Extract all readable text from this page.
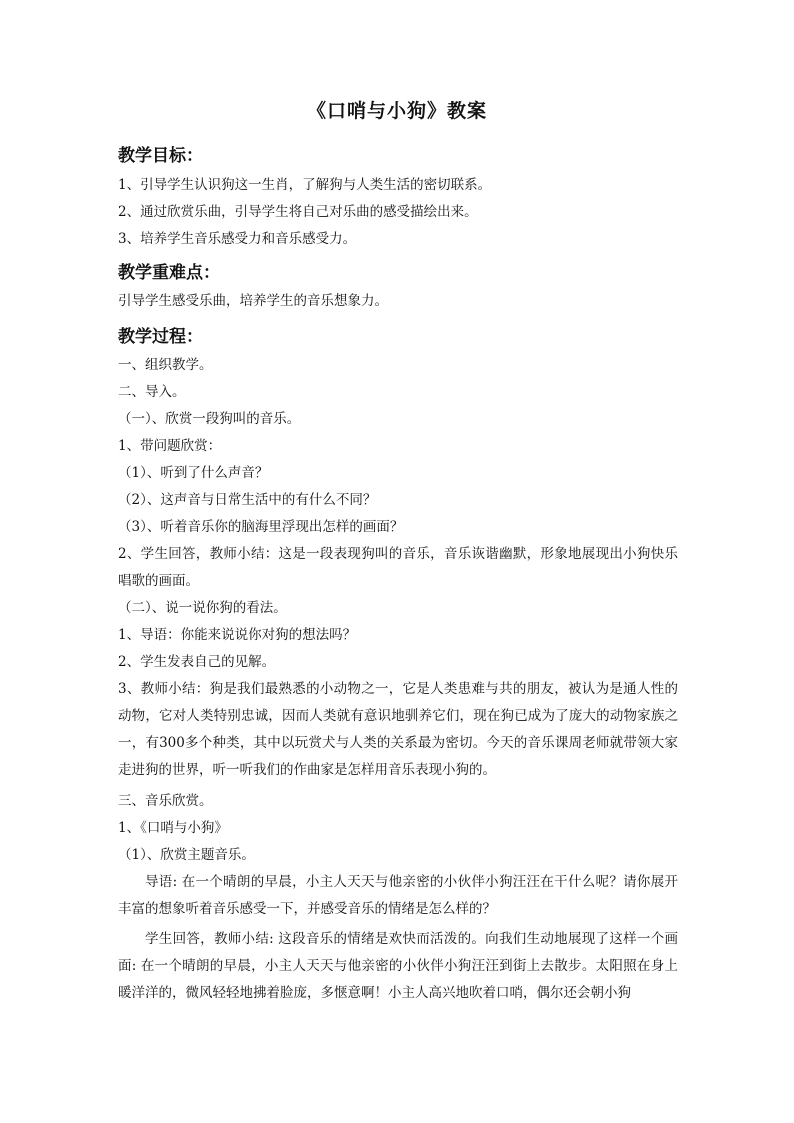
《口哨与小狗》教案
教学目标：
1、引导学生认识狗这一生肖，了解狗与人类生活的密切联系。
2、通过欣赏乐曲，引导学生将自己对乐曲的感受描绘出来。
3、培养学生音乐感受力和音乐感受力。
教学重难点：
引导学生感受乐曲，培养学生的音乐想象力。
教学过程：
一、组织教学。
二、导入。
（一）、欣赏一段狗叫的音乐。
1、带问题欣赏：
（1）、听到了什么声音？
（2）、这声音与日常生活中的有什么不同？
（3）、听着音乐你的脑海里浮现出怎样的画面？
2、学生回答，教师小结：这是一段表现狗叫的音乐，音乐诙谐幽默，形象地展现出小狗快乐唱歌的画面。
（二）、说一说你狗的看法。
1、导语：你能来说说你对狗的想法吗？
2、学生发表自己的见解。
3、教师小结：狗是我们最熟悉的小动物之一，它是人类患难与共的朋友，被认为是通人性的动物，它对人类特别忠诚，因而人类就有意识地驯养它们，现在狗已成为了庞大的动物家族之一，有300多个种类，其中以玩赏犬与人类的关系最为密切。今天的音乐课周老师就带领大家走进狗的世界，听一听我们的作曲家是怎样用音乐表现小狗的。
三、音乐欣赏。
1、《口哨与小狗》
（1）、欣赏主题音乐。
导语: 在一个晴朗的早晨，小主人天天与他亲密的小伙伴小狗汪汪在干什么呢？请你展开丰富的想象听着音乐感受一下，并感受音乐的情绪是怎么样的？
学生回答，教师小结: 这段音乐的情绪是欢快而活泼的。向我们生动地展现了这样一个画面: 在一个晴朗的早晨，小主人天天与他亲密的小伙伴小狗汪汪到街上去散步。太阳照在身上暖洋洋的，微风轻轻地拂着脸庞，多惬意啊！小主人高兴地吹着口哨，偶尔还会朝小狗
